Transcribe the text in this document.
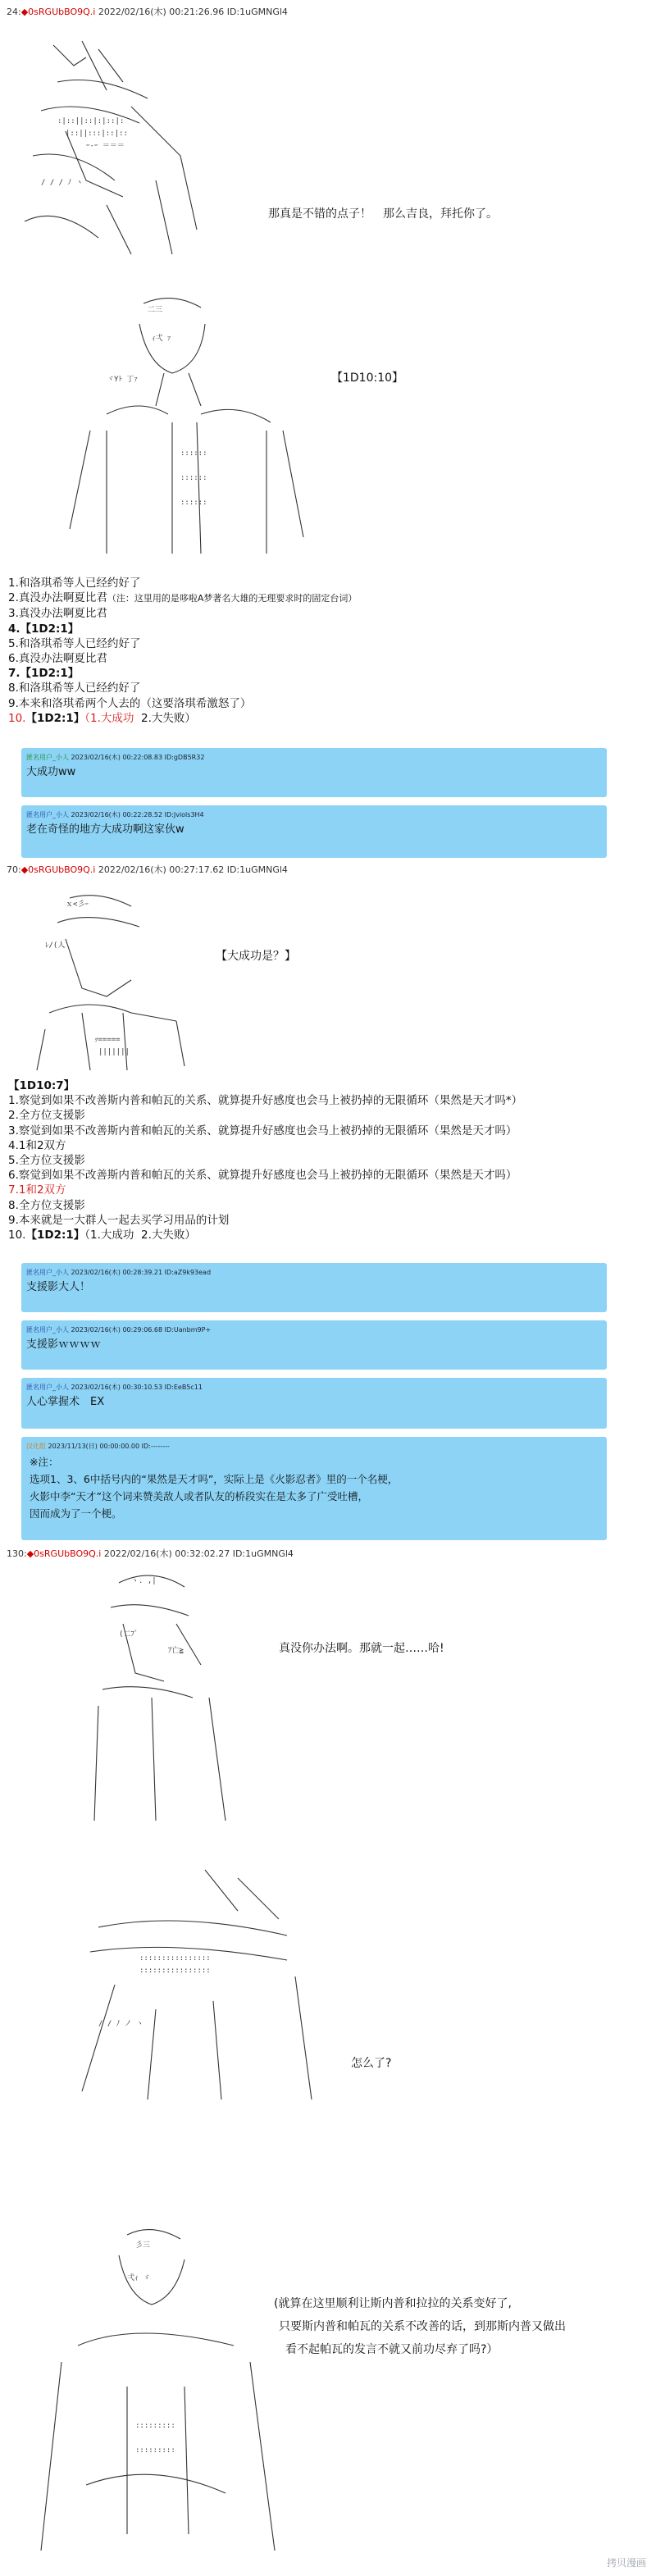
24:◆0sRGUbBO9Q.i 2022/02/16(木) 00:21:26.96 ID:1uGMNGl4
:|::||::|:|::|:
|::||:::|::|::
ｰ-ｰ ＝＝＝
/ / / ﾉ ヽ
那真是不错的点子！　那么吉良，拜托你了。
二三
ｨ弌 ｧ
ヾYﾄ 丁ｧ
::::::
::::::
::::::
【1D10:10】
1.和洛琪希等人已经约好了
2.真没办法啊夏比君（注：这里用的是哆啦A梦著名大雄的无理要求时的固定台词）
3.真没办法啊夏比君
4.【1D2:1】
5.和洛琪希等人已经约好了
6.真没办法啊夏比君
7.【1D2:1】
8.和洛琪希等人已经约好了
9.本来和洛琪希两个人去的（这要洛琪希激怒了）
10.【1D2:1】（1.大成功 2.大失败）
匿名用户_小人 2023/02/16(木) 00:22:08.83 ID:gDB5R32
大成功ww
匿名用户_小人 2023/02/16(木) 00:22:28.52 ID:Jviols3H4
老在奇怪的地方大成功啊这家伙w
70:◆0sRGUbBO9Q.i 2022/02/16(木) 00:27:17.62 ID:1uGMNGl4
ｘ<彡ｰ
ﾚ/(人
ｯ=====
|||||||
【大成功是？】
【1D10:7】
1.察觉到如果不改善斯内普和帕瓦的关系、就算提升好感度也会马上被扔掉的无限循环（果然是天才吗*）
2.全方位支援影
3.察觉到如果不改善斯内普和帕瓦的关系、就算提升好感度也会马上被扔掉的无限循环（果然是天才吗）
4.1和2双方
5.全方位支援影
6.察觉到如果不改善斯内普和帕瓦的关系、就算提升好感度也会马上被扔掉的无限循环（果然是天才吗）
7.1和2双方
8.全方位支援影
9.本来就是一大群人一起去买学习用品的计划
10.【1D2:1】（1.大成功 2.大失败）
匿名用户_小人 2023/02/16(木) 00:28:39.21 ID:aZ9k93ead
支援影大人！
匿名用户_小人 2023/02/16(木) 00:29:06.68 ID:Uanbm9P+
支援影ｗｗｗｗ
匿名用户_小人 2023/02/16(木) 00:30:10.53 ID:EeB5c11
人心掌握术　EX
汉化组 2023/11/13(日) 00:00:00.00 ID:--------
※注：
选项1、3、6中括号内的“果然是天才吗”，实际上是《火影忍者》里的一个名梗，
火影中李“天才”这个词来赞美敌人或者队友的桥段实在是太多了广受吐槽，
因而成为了一个梗。
130:◆0sRGUbBO9Q.i 2022/02/16(木) 00:32:02.27 ID:1uGMNGl4
ヽ. ,|
(二ﾌﾟ
ｱ亡≧	真没你办法啊。那就一起……哈!
::::::::::::::::
::::::::::::::::
/ / ﾉ ノ ヽ
怎么了?
彡三
弌ｨ ゞ
:::::::::
:::::::::
(就算在这里顺利让斯内普和拉拉的关系变好了,
只要斯内普和帕瓦的关系不改善的话，到那斯内普又做出
看不起帕瓦的发言不就又前功尽弃了吗?）
拷贝漫画
